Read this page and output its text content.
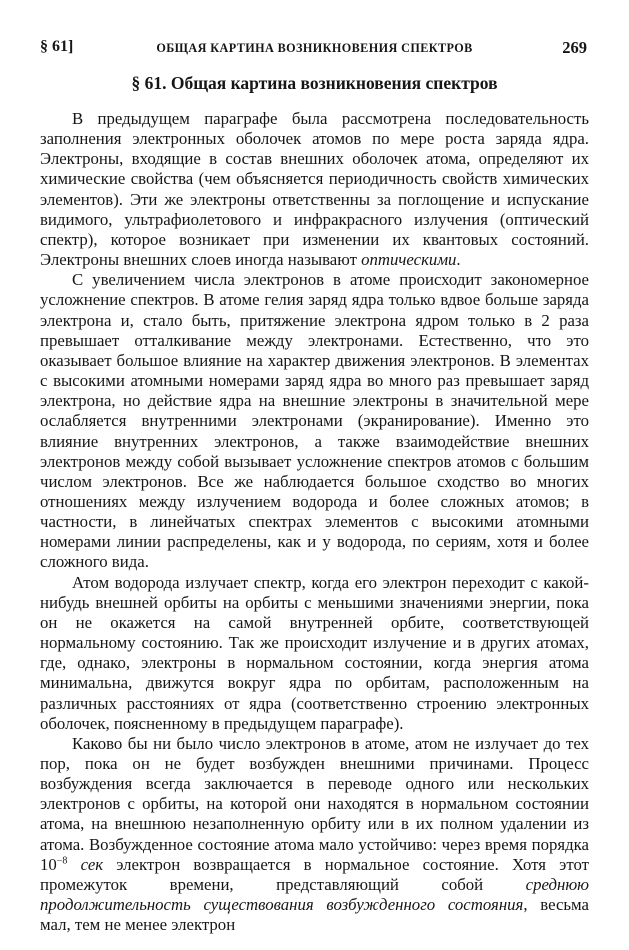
§ 61]	ОБЩАЯ КАРТИНА ВОЗНИКНОВЕНИЯ СПЕКТРОВ	269
§ 61. Общая картина возникновения спектров

В предыдущем параграфе была рассмотрена последовательность заполнения электронных оболочек атомов по мере роста заряда ядра. Электроны, входящие в состав внешних оболочек атома, определяют их химические свойства (чем объясняется периодичность свойств химических элементов). Эти же электроны ответственны за поглощение и испускание видимого, ультрафиолетового и инфракрасного излучения (оптический спектр), которое возникает при изменении их квантовых состояний. Электроны внешних слоев иногда называют оптическими.

С увеличением числа электронов в атоме происходит закономерное усложнение спектров. В атоме гелия заряд ядра только вдвое больше заряда электрона и, стало быть, притяжение электрона ядром только в 2 раза превышает отталкивание между электронами. Естественно, что это оказывает большое влияние на характер движения электронов. В элементах с высокими атомными номерами заряд ядра во много раз превышает заряд электрона, но действие ядра на внешние электроны в значительной мере ослабляется внутренними электронами (экранирование). Именно это влияние внутренних электронов, а также взаимодействие внешних электронов между собой вызывает усложнение спектров атомов с большим числом электронов. Все же наблюдается большое сходство во многих отношениях между излучением водорода и более сложных атомов; в частности, в линейчатых спектрах элементов с высокими атомными номерами линии распределены, как и у водорода, по сериям, хотя и более сложного вида.

Атом водорода излучает спектр, когда его электрон переходит с какой-нибудь внешней орбиты на орбиты с меньшими значениями энергии, пока он не окажется на самой внутренней орбите, соответствующей нормальному состоянию. Так же происходит излучение и в других атомах, где, однако, электроны в нормальном состоянии, когда энергия атома минимальна, движутся вокруг ядра по орбитам, расположенным на различных расстояниях от ядра (соответственно строению электронных оболочек, поясненному в предыдущем параграфе).

Каково бы ни было число электронов в атоме, атом не излучает до тех пор, пока он не будет возбужден внешними причинами. Процесс возбуждения всегда заключается в переводе одного или нескольких электронов с орбиты, на которой они находятся в нормальном состоянии атома, на внешнюю незаполненную орбиту или в их полном удалении из атома. Возбужденное состояние атома мало устойчиво: через время порядка $10^{-8}$ сек электрон возвращается в нормальное состояние. Хотя этот промежуток времени, представляющий собой среднюю продолжительность существования возбужденного состояния, весьма мал, тем не менее электрон
